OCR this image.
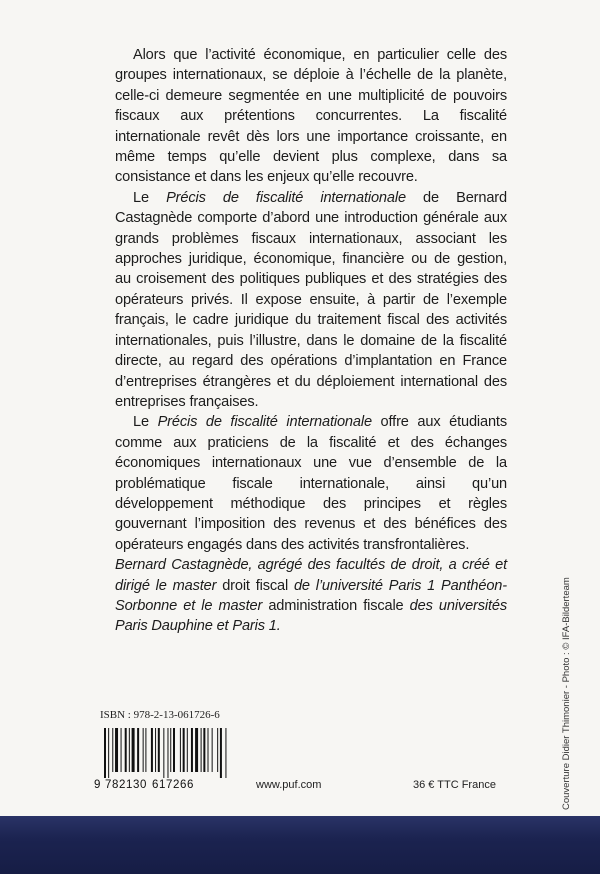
Alors que l’activité économique, en particulier celle des groupes internationaux, se déploie à l’échelle de la planète, celle-ci demeure segmentée en une multiplicité de pouvoirs fiscaux aux prétentions concurrentes. La fiscalité internationale revêt dès lors une importance croissante, en même temps qu’elle devient plus complexe, dans sa consistance et dans les enjeux qu’elle recouvre.

Le Précis de fiscalité internationale de Bernard Castagnède comporte d’abord une introduction générale aux grands problèmes fiscaux internationaux, associant les approches juridique, économique, financière ou de gestion, au croisement des politiques publiques et des stratégies des opérateurs privés. Il expose ensuite, à partir de l’exemple français, le cadre juridique du traitement fiscal des activités internationales, puis l’illustre, dans le domaine de la fiscalité directe, au regard des opérations d’implantation en France d’entreprises étrangères et du déploiement international des entreprises françaises.

Le Précis de fiscalité internationale offre aux étudiants comme aux praticiens de la fiscalité et des échanges économiques internationaux une vue d’ensemble de la problématique fiscale internationale, ainsi qu’un développement méthodique des principes et règles gouvernant l’imposition des revenus et des bénéfices des opérateurs engagés dans des activités transfrontalières.

Bernard Castagnède, agrégé des facultés de droit, a créé et dirigé le master droit fiscal de l’université Paris 1 Panthéon-Sorbonne et le master administration fiscale des universités Paris Dauphine et Paris 1.

ISBN : 978-2-13-061726-6
9 782130 617266	www.puf.com	36 € TTC France	Couverture Didier Thimonier - Photo : © IFA-Bilderteam
